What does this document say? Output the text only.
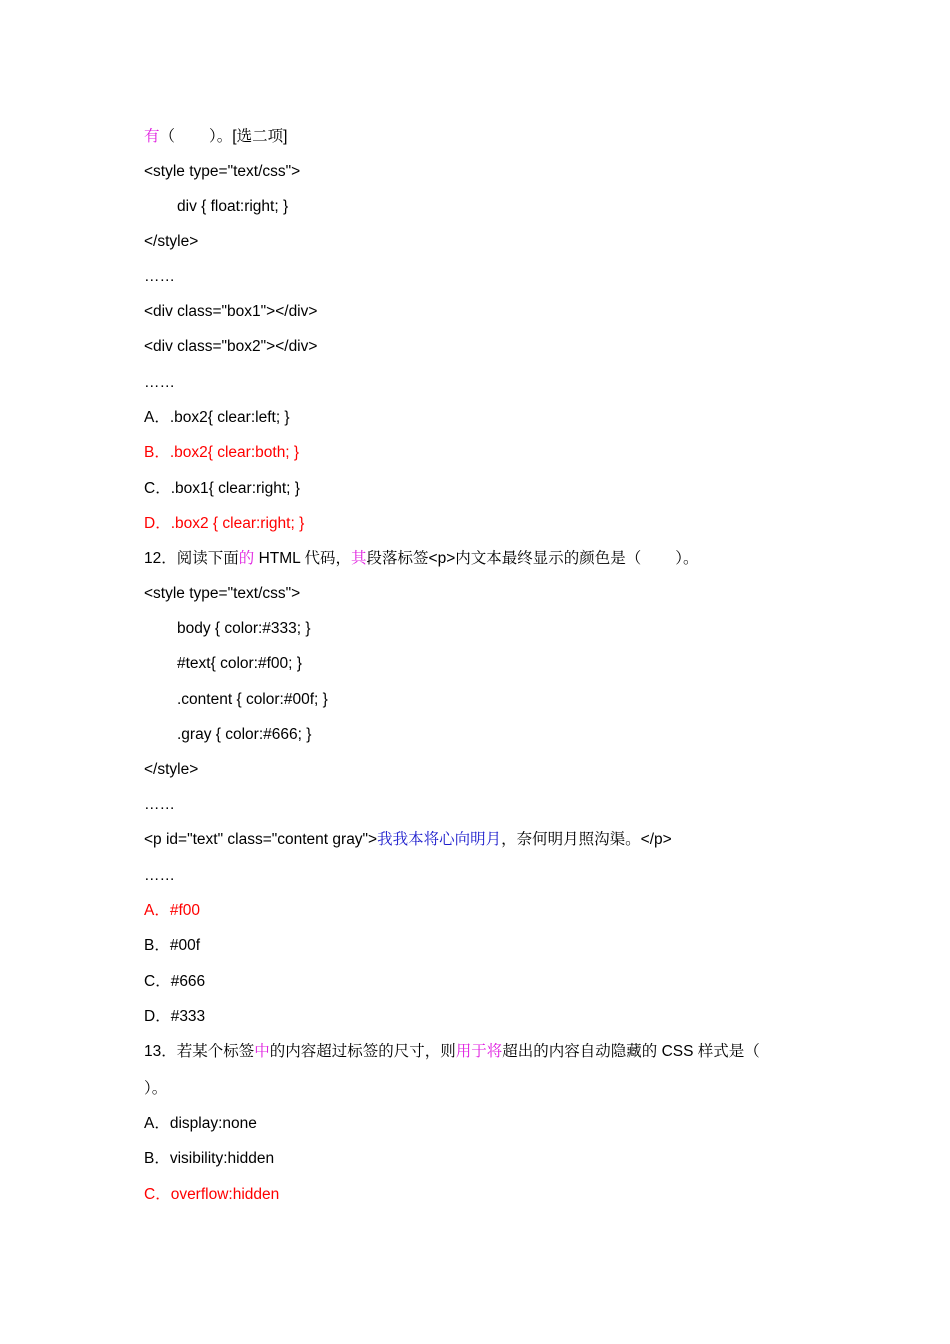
有（ ）。[选二项]
<style type="text/css">
div { float:right; }
</style>
……
<div class="box1"></div>
<div class="box2"></div>
……
A．.box2{ clear:left; }
B．.box2{ clear:both; }
C．.box1{ clear:right; }
D．.box2 { clear:right; }
12．阅读下面的 HTML 代码，其段落标签<p>内文本最终显示的颜色是（ ）。
<style type="text/css">
body { color:#333; }
#text{ color:#f00; }
.content { color:#00f; }
.gray { color:#666; }
</style>
……
<p id="text" class="content gray">我我本将心向明月，奈何明月照沟渠。</p>
……
A．#f00
B．#00f
C．#666
D．#333
13．若某个标签中的内容超过标签的尺寸，则用于将超出的内容自动隐藏的 CSS 样式是（
）。
A．display:none
B．visibility:hidden
C．overflow:hidden
